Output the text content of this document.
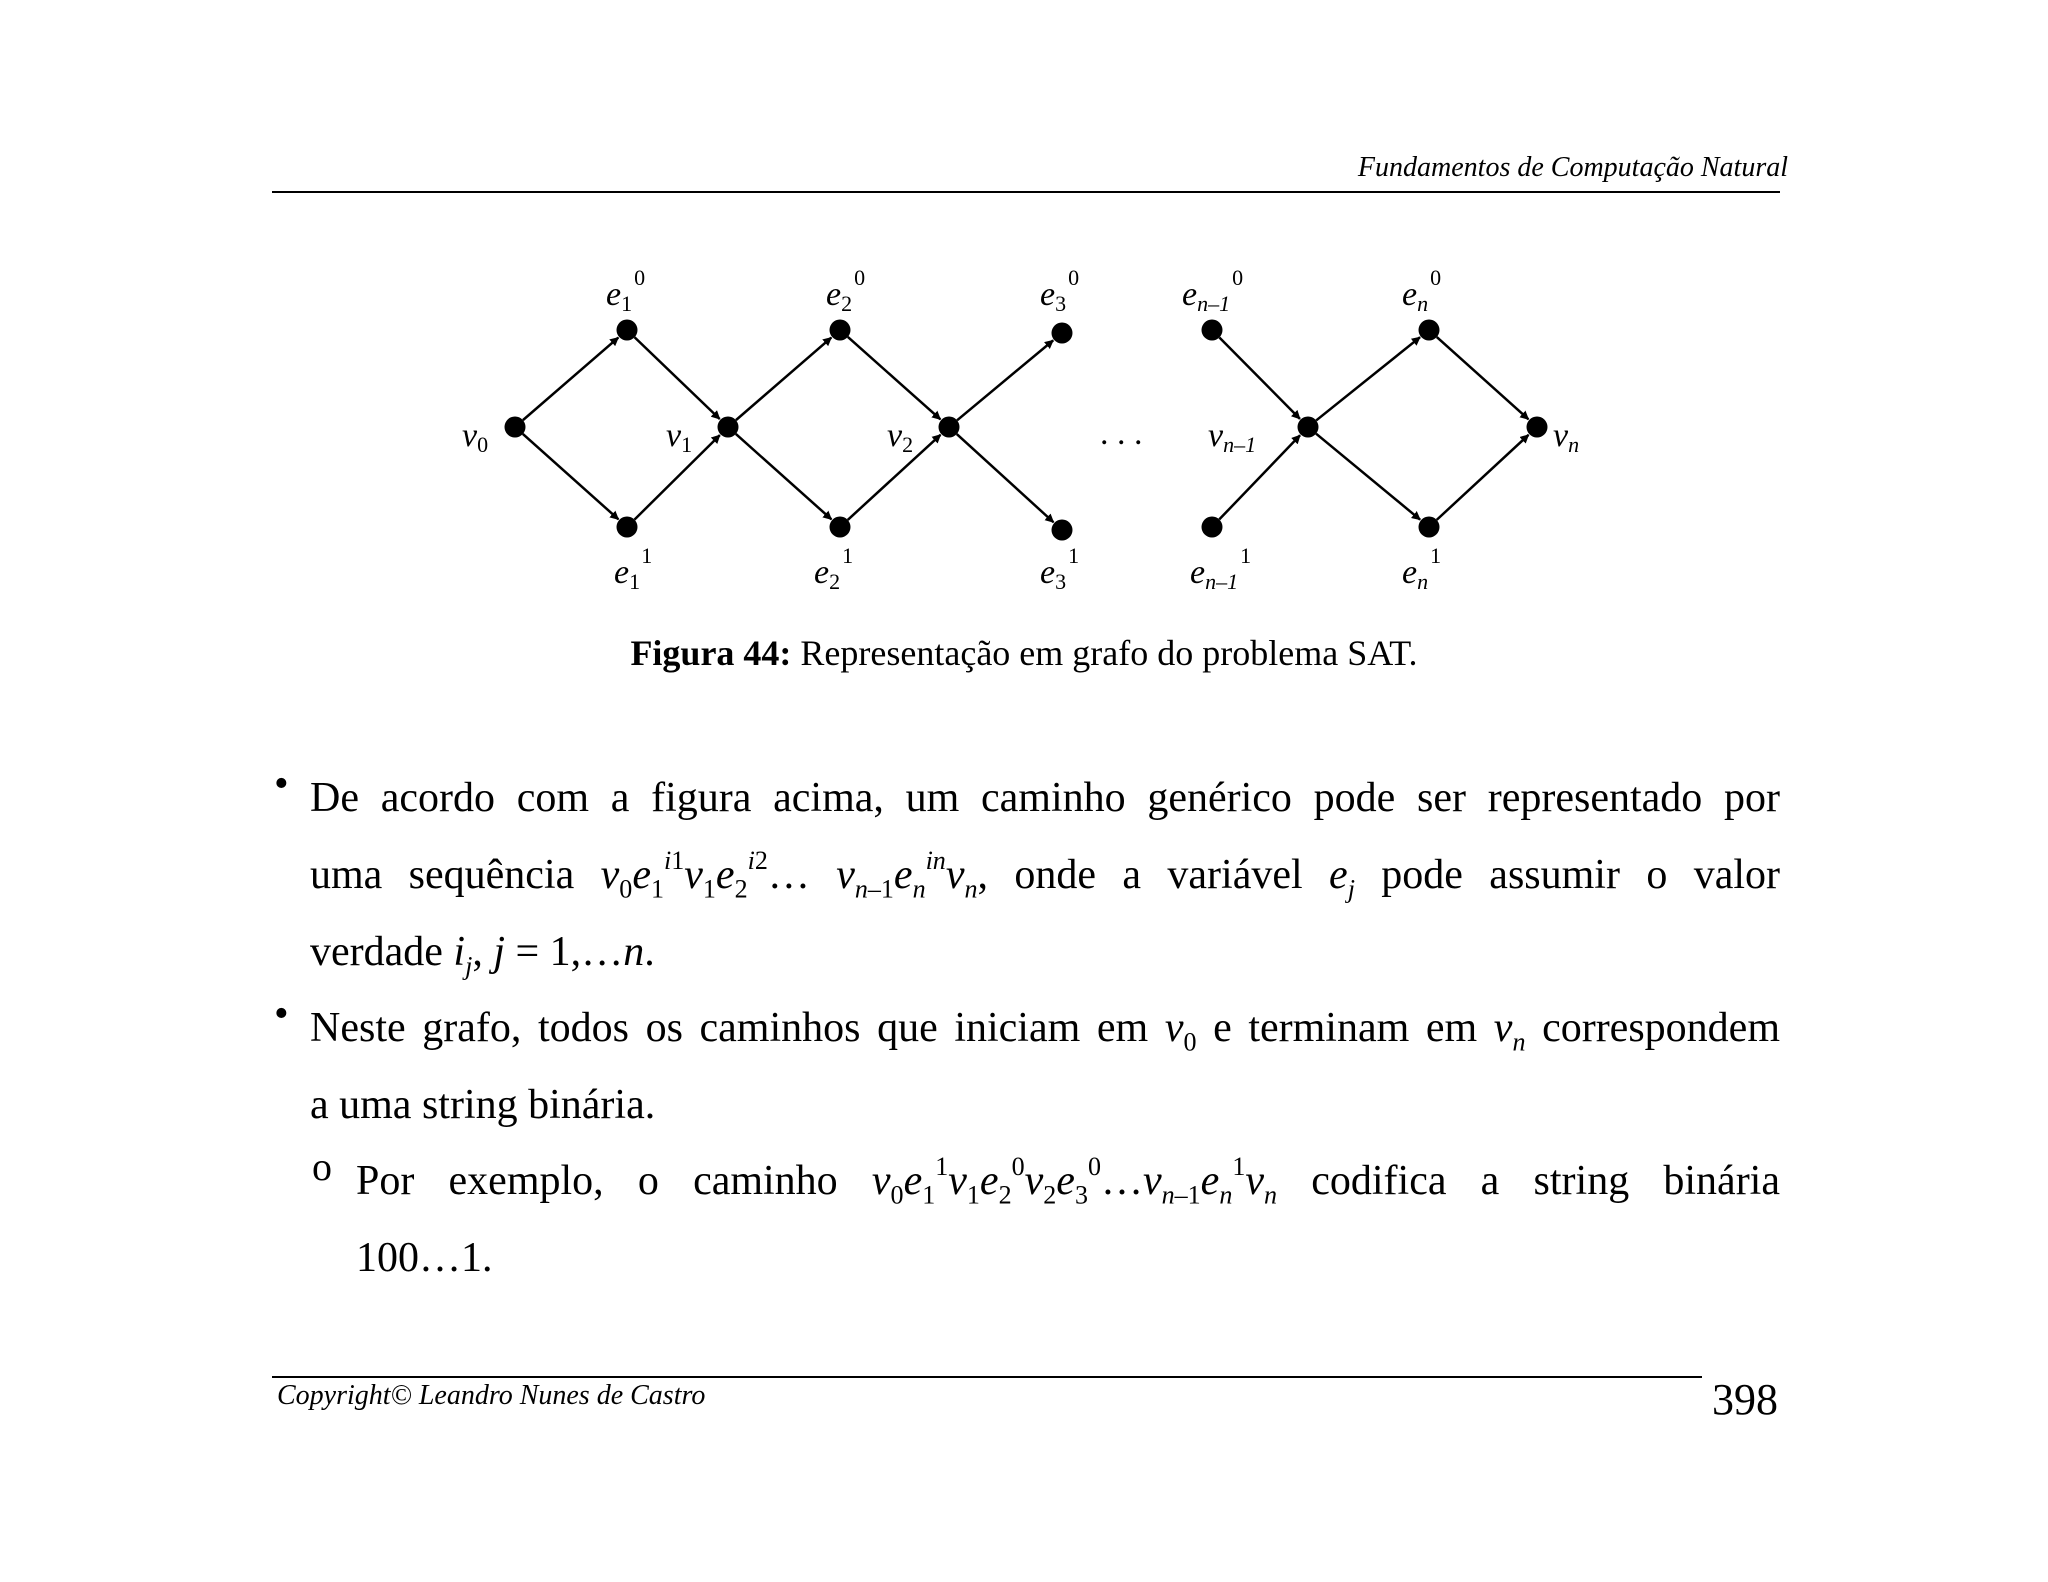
Fundamentos de Computação Natural
v0	v1	v2	. . . vn–1	vn
$e1^0$	$e2^0$	$e3^0$	$en-1^0$	$en^0$
$e1^1$	$e2^1$	$e3^1$	$en-1^1$	$en^1$
Figura 44: Representação em grafo do problema SAT.
• De acordo com a figura acima, um caminho genérico pode ser representado por
uma sequência $v_0e_1^{i1}v_1e_2^{i2}\dots$ $v_{n-1}e_n^{in}v_n$, onde a variável $e_j$ pode assumir o valor
verdade $i_j$, j = 1,…n.
• Neste grafo, todos os caminhos que iniciam em $v_0$ e terminam em $v_n$ correspondem
a uma string binária.
o Por exemplo, o caminho $v_0e_1^1v_1e_2^0v_2e_3^0\dots v_{n-1}e_n^1v_n$ codifica a string binária
100…1.
Copyright© Leandro Nunes de Castro	398
